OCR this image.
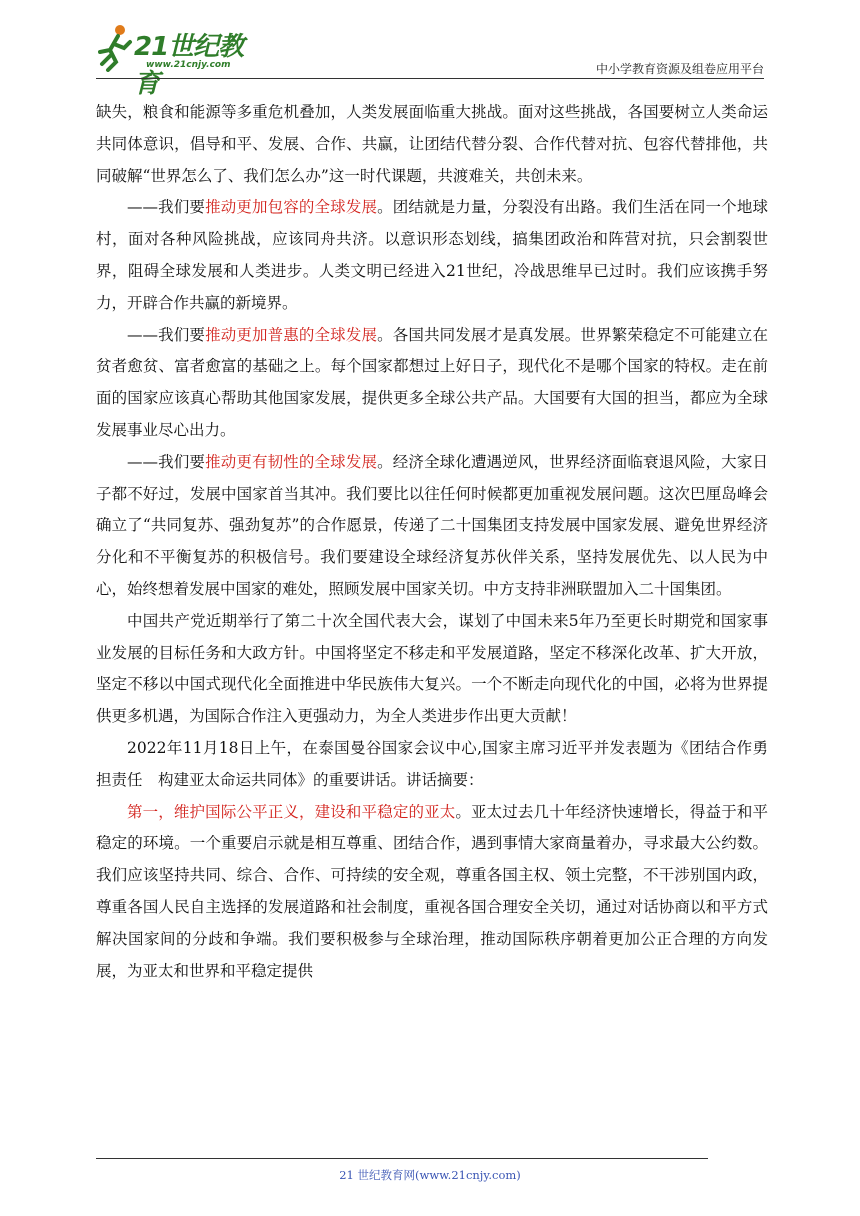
21世纪教育
www.21cnjy.com	中小学教育资源及组卷应用平台

缺失，粮食和能源等多重危机叠加，人类发展面临重大挑战。面对这些挑战，各国要树立人类命运共同体意识，倡导和平、发展、合作、共赢，让团结代替分裂、合作代替对抗、包容代替排他，共同破解“世界怎么了、我们怎么办”这一时代课题，共渡难关，共创未来。

——我们要推动更加包容的全球发展。团结就是力量，分裂没有出路。我们生活在同一个地球村，面对各种风险挑战，应该同舟共济。以意识形态划线，搞集团政治和阵营对抗，只会割裂世界，阻碍全球发展和人类进步。人类文明已经进入21世纪，冷战思维早已过时。我们应该携手努力，开辟合作共赢的新境界。

——我们要推动更加普惠的全球发展。各国共同发展才是真发展。世界繁荣稳定不可能建立在贫者愈贫、富者愈富的基础之上。每个国家都想过上好日子，现代化不是哪个国家的特权。走在前面的国家应该真心帮助其他国家发展，提供更多全球公共产品。大国要有大国的担当，都应为全球发展事业尽心出力。

——我们要推动更有韧性的全球发展。经济全球化遭遇逆风，世界经济面临衰退风险，大家日子都不好过，发展中国家首当其冲。我们要比以往任何时候都更加重视发展问题。这次巴厘岛峰会确立了“共同复苏、强劲复苏”的合作愿景，传递了二十国集团支持发展中国家发展、避免世界经济分化和不平衡复苏的积极信号。我们要建设全球经济复苏伙伴关系，坚持发展优先、以人民为中心，始终想着发展中国家的难处，照顾发展中国家关切。中方支持非洲联盟加入二十国集团。

中国共产党近期举行了第二十次全国代表大会，谋划了中国未来5年乃至更长时期党和国家事业发展的目标任务和大政方针。中国将坚定不移走和平发展道路，坚定不移深化改革、扩大开放，坚定不移以中国式现代化全面推进中华民族伟大复兴。一个不断走向现代化的中国，必将为世界提供更多机遇，为国际合作注入更强动力，为全人类进步作出更大贡献！

2022年11月18日上午，在泰国曼谷国家会议中心,国家主席习近平并发表题为《团结合作勇担责任　构建亚太命运共同体》的重要讲话。讲话摘要：

第一，维护国际公平正义，建设和平稳定的亚太。亚太过去几十年经济快速增长，得益于和平稳定的环境。一个重要启示就是相互尊重、团结合作，遇到事情大家商量着办，寻求最大公约数。我们应该坚持共同、综合、合作、可持续的安全观，尊重各国主权、领土完整，不干涉别国内政，尊重各国人民自主选择的发展道路和社会制度，重视各国合理安全关切，通过对话协商以和平方式解决国家间的分歧和争端。我们要积极参与全球治理，推动国际秩序朝着更加公正合理的方向发展，为亚太和世界和平稳定提供

21 世纪教育网(www.21cnjy.com)
